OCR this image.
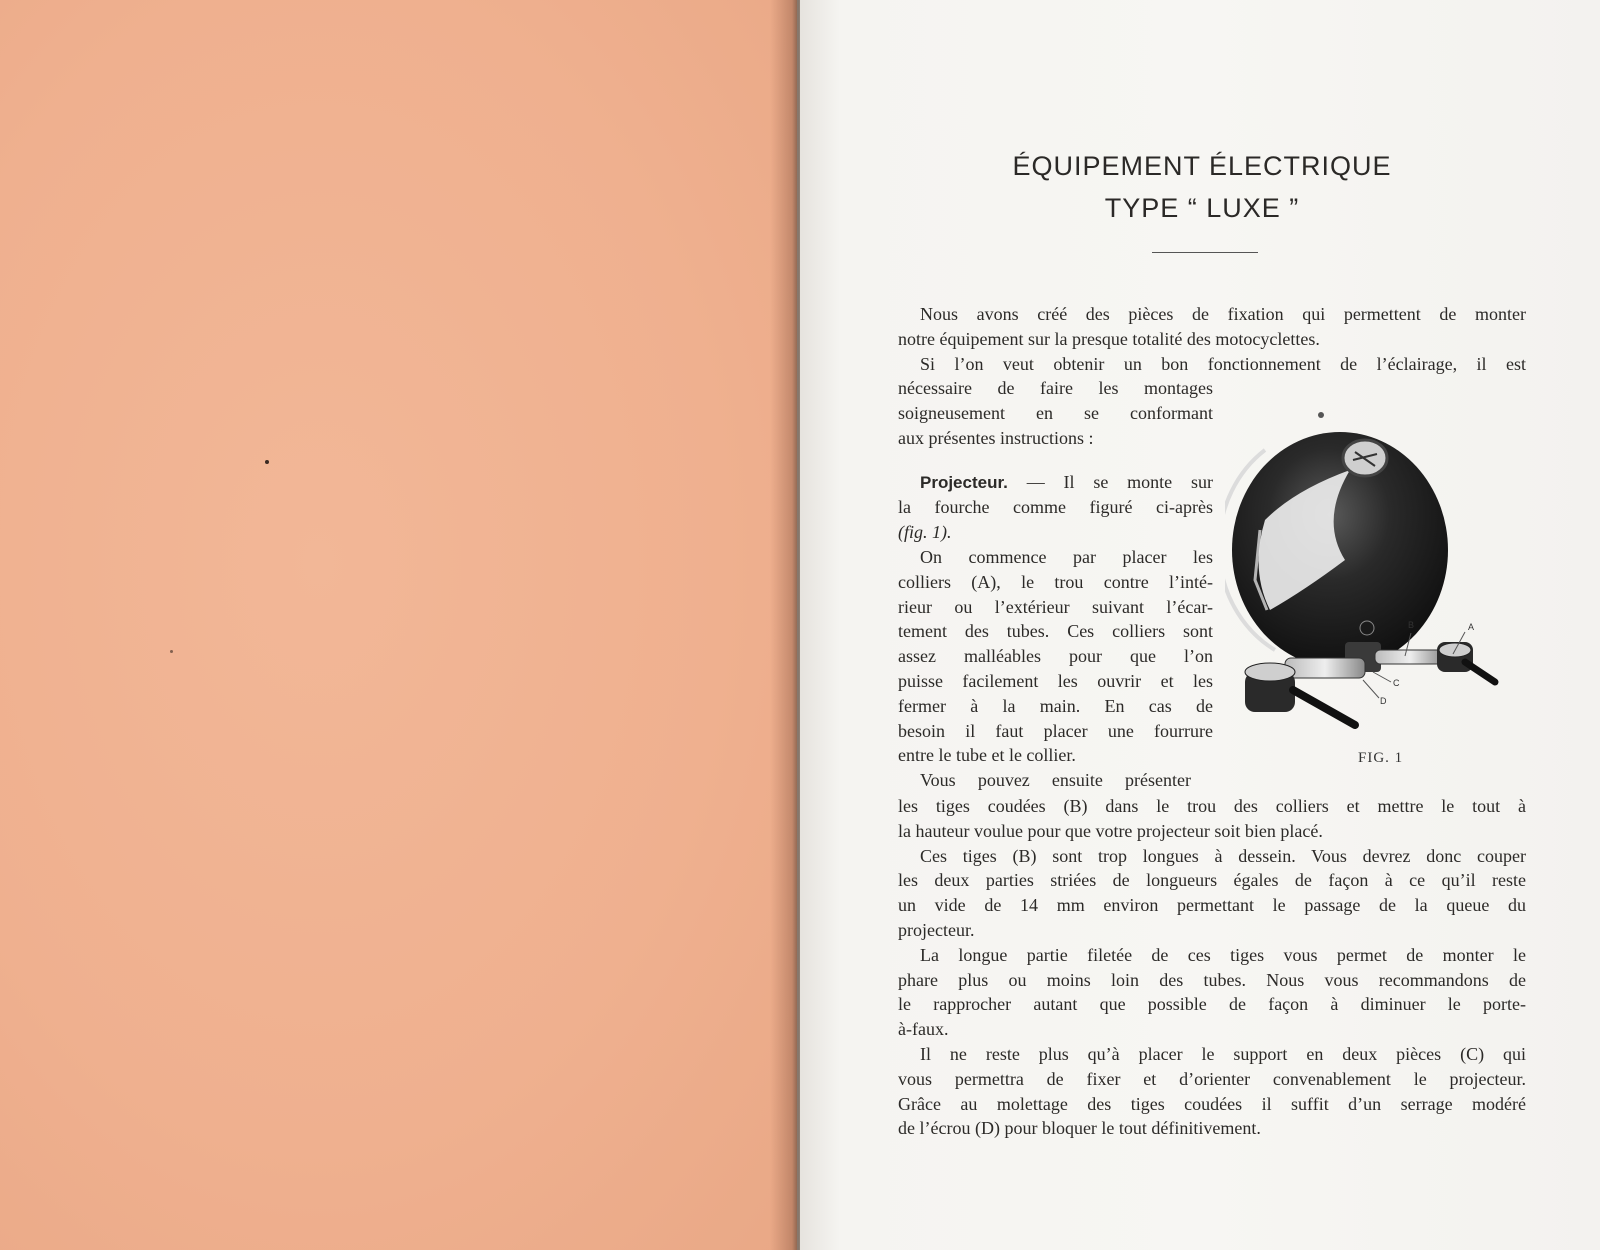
ÉQUIPEMENT ÉLECTRIQUE
TYPE “ LUXE ”
Nous avons créé des pièces de fixation qui permettent de monter
notre équipement sur la presque totalité des motocyclettes.
Si l’on veut obtenir un bon fonctionnement de l’éclairage, il est
nécessaire de faire les montages
soigneusement en se conformant
aux présentes instructions :
Projecteur. — Il se monte sur
la fourche comme figuré ci-après
(fig. 1).
On commence par placer les
colliers (A), le trou contre l’inté-
rieur ou l’extérieur suivant l’écar-
tement des tubes. Ces colliers sont
assez malléables pour que l’on
puisse facilement les ouvrir et les
fermer à la main. En cas de
besoin il faut placer une fourrure
entre le tube et le collier.
Vous pouvez ensuite présenter
les tiges coudées (B) dans le trou des colliers et mettre le tout à
la hauteur voulue pour que votre projecteur soit bien placé.
Ces tiges (B) sont trop longues à dessein. Vous devrez donc couper
les deux parties striées de longueurs égales de façon à ce qu’il reste
un vide de 14 mm environ permettant le passage de la queue du
projecteur.
La longue partie filetée de ces tiges vous permet de monter le
phare plus ou moins loin des tubes. Nous vous recommandons de
le rapprocher autant que possible de façon à diminuer le porte-
à-faux.
Il ne reste plus qu’à placer le support en deux pièces (C) qui
vous permettra de fixer et d’orienter convenablement le projecteur.
Grâce au molettage des tiges coudées il suffit d’un serrage modéré
de l’écrou (D) pour bloquer le tout définitivement.
B	A
C
D
FIG. 1
